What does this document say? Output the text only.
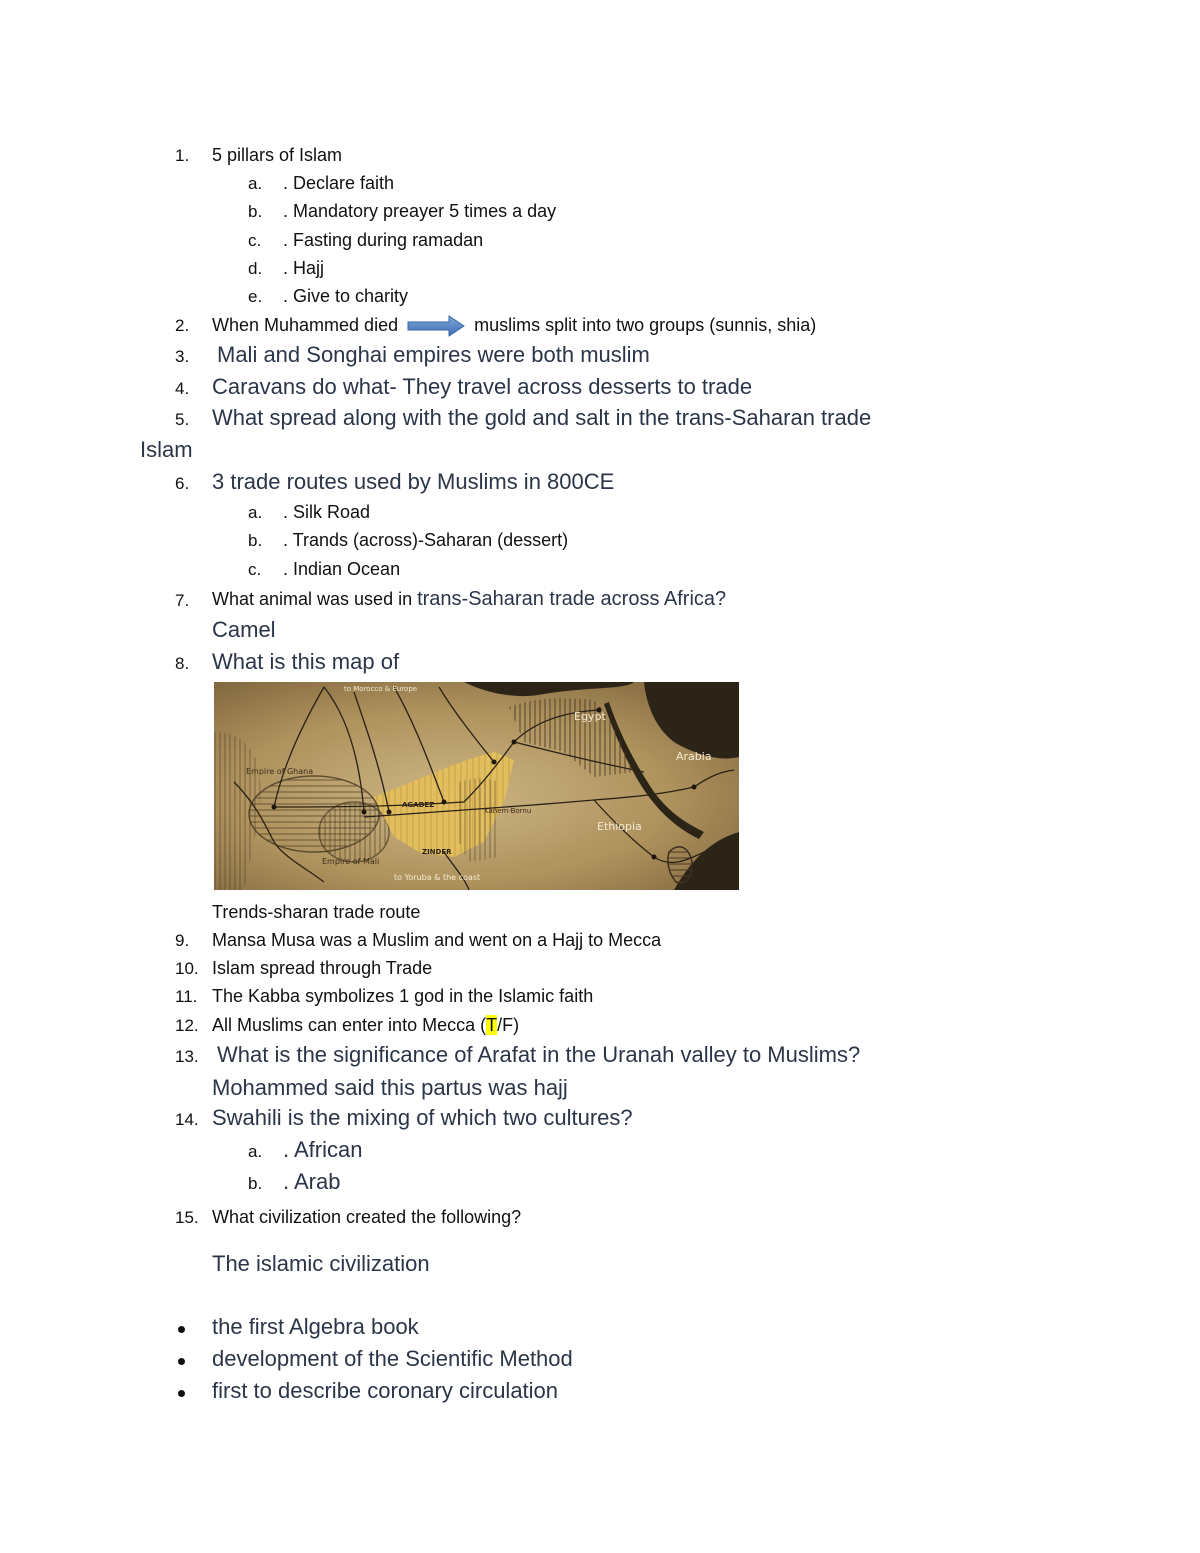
1. 5 pillars of Islam
a. . Declare faith
b. . Mandatory preayer 5 times a day
c. . Fasting during ramadan
d. . Hajj
e. . Give to charity
2. When Muhammed died	muslims split into two groups (sunnis, shia)
3. Mali and Songhai empires were both muslim
4. Caravans do what- They travel across desserts to trade
5. What spread along with the gold and salt in the trans-Saharan trade
Islam
6. 3 trade routes used by Muslims in 800CE
a. . Silk Road
b. . Trands (across)-Saharan (dessert)
c. . Indian Ocean
7. What animal was used in trans-Saharan trade across Africa?
Camel
8. What is this map of
Egypt
Arabia
Empire of Ghana
Empire of Mali
Ethiopia
AGADEZ
ZINDER
Kanem-Bornu
to Morocco & Europe
to Yoruba & the coast
Trends-sharan trade route
9. Mansa Musa was a Muslim and went on a Hajj to Mecca
10. Islam spread through Trade
11. The Kabba symbolizes 1 god in the Islamic faith
12. All Muslims can enter into Mecca (T/F)
13. What is the significance of Arafat in the Uranah valley to Muslims?
Mohammed said this partus was hajj
14. Swahili is the mixing of which two cultures?
a. . African
b. . Arab
15. What civilization created the following?
The islamic civilization
the first Algebra book
development of the Scientific Method
first to describe coronary circulation
